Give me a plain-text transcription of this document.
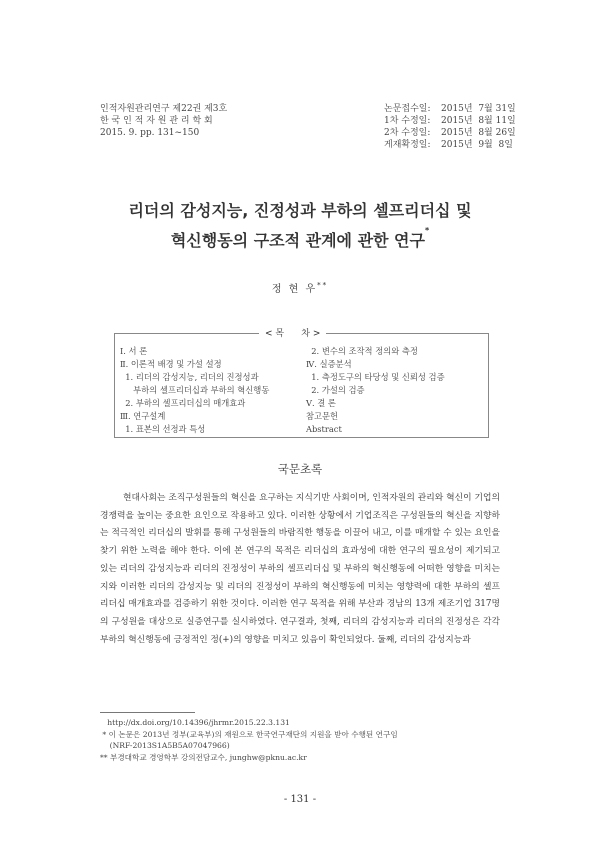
인적자원관리연구 제22권 제3호
한 국 인 적 자 원 관 리 학 회
2015. 9. pp. 131~150
논문접수일:	2015년  7월 31일
1차 수정일:	2015년  8월 11일
2차 수정일:	2015년  8월 26일
게재확정일:	2015년  9월  8일
리더의 감성지능, 진정성과 부하의 셀프리더십 및
혁신행동의 구조적 관계에 관한 연구*
정 현 우**
< 목      차 >
Ⅰ. 서 론
Ⅱ. 이론적 배경 및 가설 설정
1. 리더의 감성지능, 리더의 진정성과
부하의 셀프리더십과 부하의 혁신행동
2. 부하의 셀프리더십의 매개효과
Ⅲ. 연구설계
1. 표본의 선정과 특성
2. 변수의 조작적 정의와 측정
Ⅳ. 실증분석
1. 측정도구의 타당성 및 신뢰성 검증
2. 가설의 검증
Ⅴ. 결 론
참고문헌
Abstract
국문초록

현대사회는 조직구성원들의 혁신을 요구하는 지식기반 사회이며, 인적자원의 관리와 혁신이 기업의 경쟁력을 높이는 중요한 요인으로 작용하고 있다. 이러한 상황에서 기업조직은 구성원들의 혁신을 지향하는 적극적인 리더십의 발휘를 통해 구성원들의 바람직한 행동을 이끌어 내고, 이를 매개할 수 있는 요인을 찾기 위한 노력을 해야 한다. 이에 본 연구의 목적은 리더십의 효과성에 대한 연구의 필요성이 제기되고 있는 리더의 감성지능과 리더의 진정성이 부하의 셀프리더십 및 부하의 혁신행동에 어떠한 영향을 미치는지와 이러한 리더의 감성지능 및 리더의 진정성이 부하의 혁신행동에 미치는 영향력에 대한 부하의 셀프리더십 매개효과를 검증하기 위한 것이다. 이러한 연구 목적을 위해 부산과 경남의 13개 제조기업 317명의 구성원을 대상으로 실증연구를 실시하였다. 연구결과, 첫째, 리더의 감성지능과 리더의 진정성은 각각 부하의 혁신행동에 긍정적인 정(+)의 영향을 미치고 있음이 확인되었다. 둘째, 리더의 감성지능과

http://dx.doi.org/10.14396/jhrmr.2015.22.3.131
* 이 논문은 2013년 정부(교육부)의 재원으로 한국연구재단의 지원을 받아 수행된 연구임
(NRF-2013S1A5B5A07047966)
** 부경대학교 경영학부 강의전담교수, junghw@pknu.ac.kr
- 131 -
